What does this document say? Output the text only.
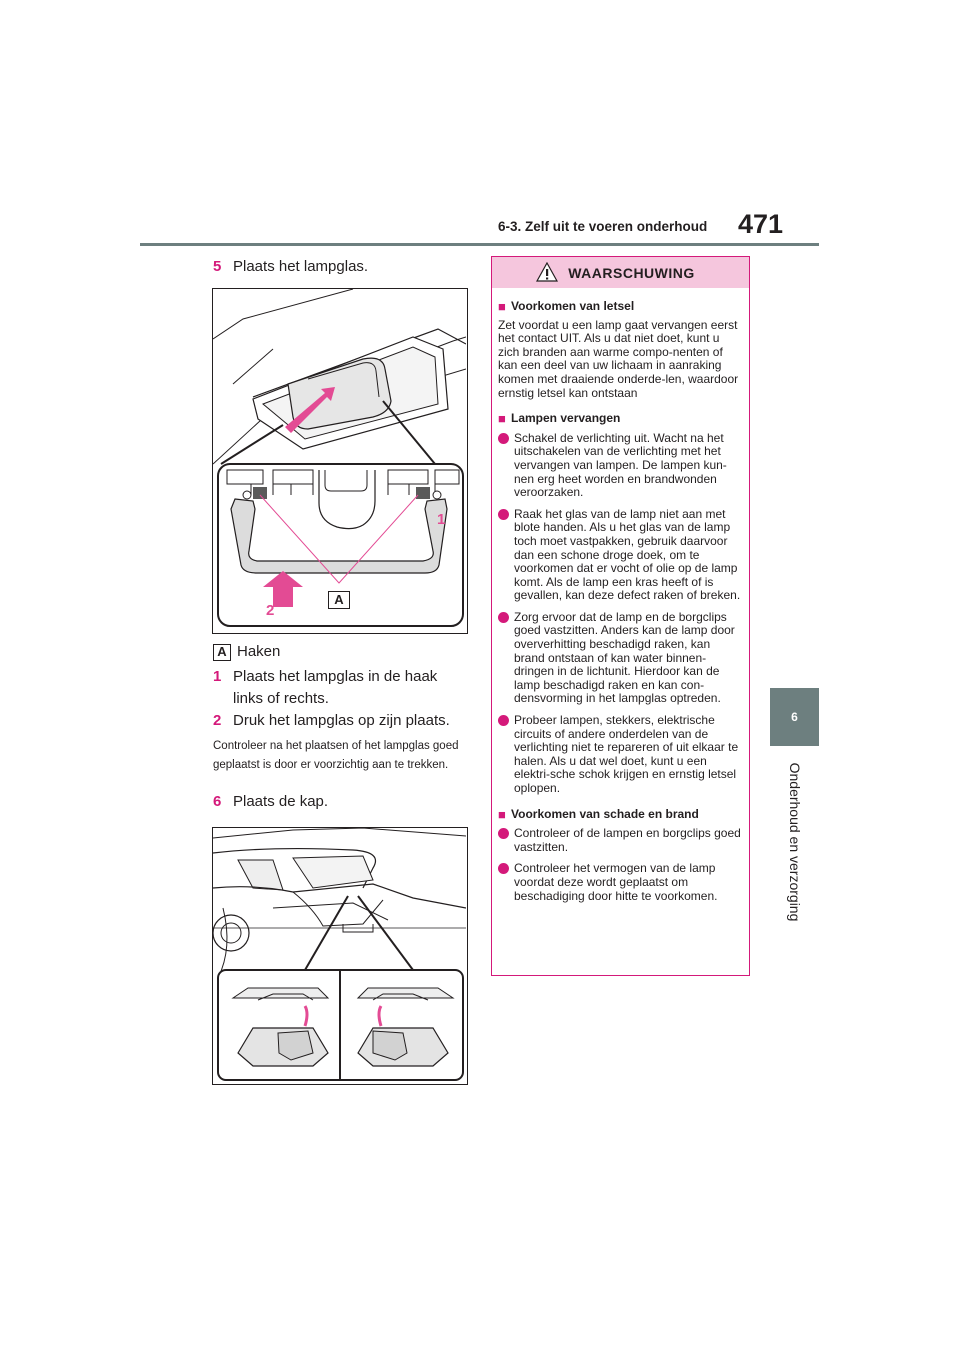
6-3. Zelf uit te voeren onderhoud 471
6
Onderhoud en verzorging
5 Plaats het lampglas.
1
2
A
A Haken
1 Plaats het lampglas in de haak links of rechts.
2 Druk het lampglas op zijn plaats.
Controleer na het plaatsen of het lampglas goed geplaatst is door er voorzichtig aan te trekken.
6 Plaats de kap.
WAARSCHUWING
■ Voorkomen van letsel
Zet voordat u een lamp gaat vervangen eerst het contact UIT. Als u dat niet doet, kunt u zich branden aan warme compo-nenten of kan een deel van uw lichaam in aanraking komen met draaiende onderde-len, waardoor ernstig letsel kan ontstaan
■ Lampen vervangen
Schakel de verlichting uit. Wacht na het uitschakelen van de verlichting met het vervangen van lampen. De lampen kun-nen erg heet worden en brandwonden veroorzaken.
Raak het glas van de lamp niet aan met blote handen. Als u het glas van de lamp toch moet vastpakken, gebruik daarvoor dan een schone droge doek, om te voorkomen dat er vocht of olie op de lamp komt. Als de lamp een kras heeft of is gevallen, kan deze defect raken of breken.
Zorg ervoor dat de lamp en de borgclips goed vastzitten. Anders kan de lamp door oververhitting beschadigd raken, kan brand ontstaan of kan water binnen-dringen in de lichtunit. Hierdoor kan de lamp beschadigd raken en kan con-densvorming in het lampglas optreden.
Probeer lampen, stekkers, elektrische circuits of andere onderdelen van de verlichting niet te repareren of uit elkaar te halen. Als u dat wel doet, kunt u een elektri-sche schok krijgen en ernstig letsel oplopen.
■ Voorkomen van schade en brand
Controleer of de lampen en borgclips goed vastzitten.
Controleer het vermogen van de lamp voordat deze wordt geplaatst om beschadiging door hitte te voorkomen.
